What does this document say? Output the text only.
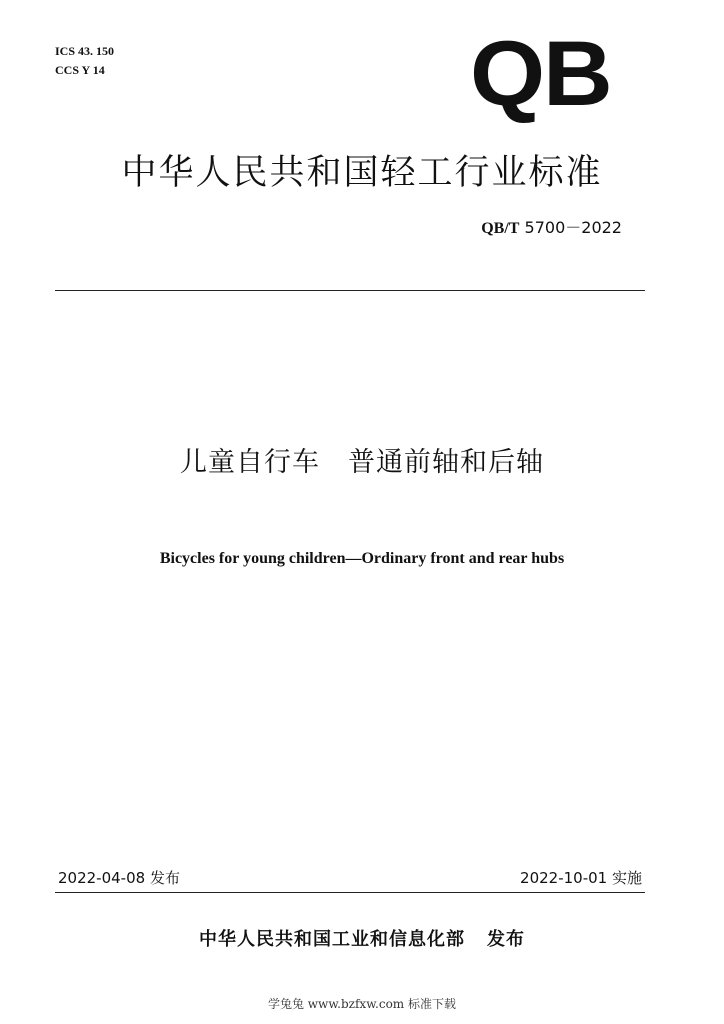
ICS 43. 150
CCS Y 14	QB
中华人民共和国轻工行业标准
QB/T 5700－2022
儿童自行车　普通前轴和后轴
Bicycles for young children—Ordinary front and rear hubs
2022-04-08 发布	2022-10-01 实施
中华人民共和国工业和信息化部 发布
学兔兔 www.bzfxw.com 标准下载
